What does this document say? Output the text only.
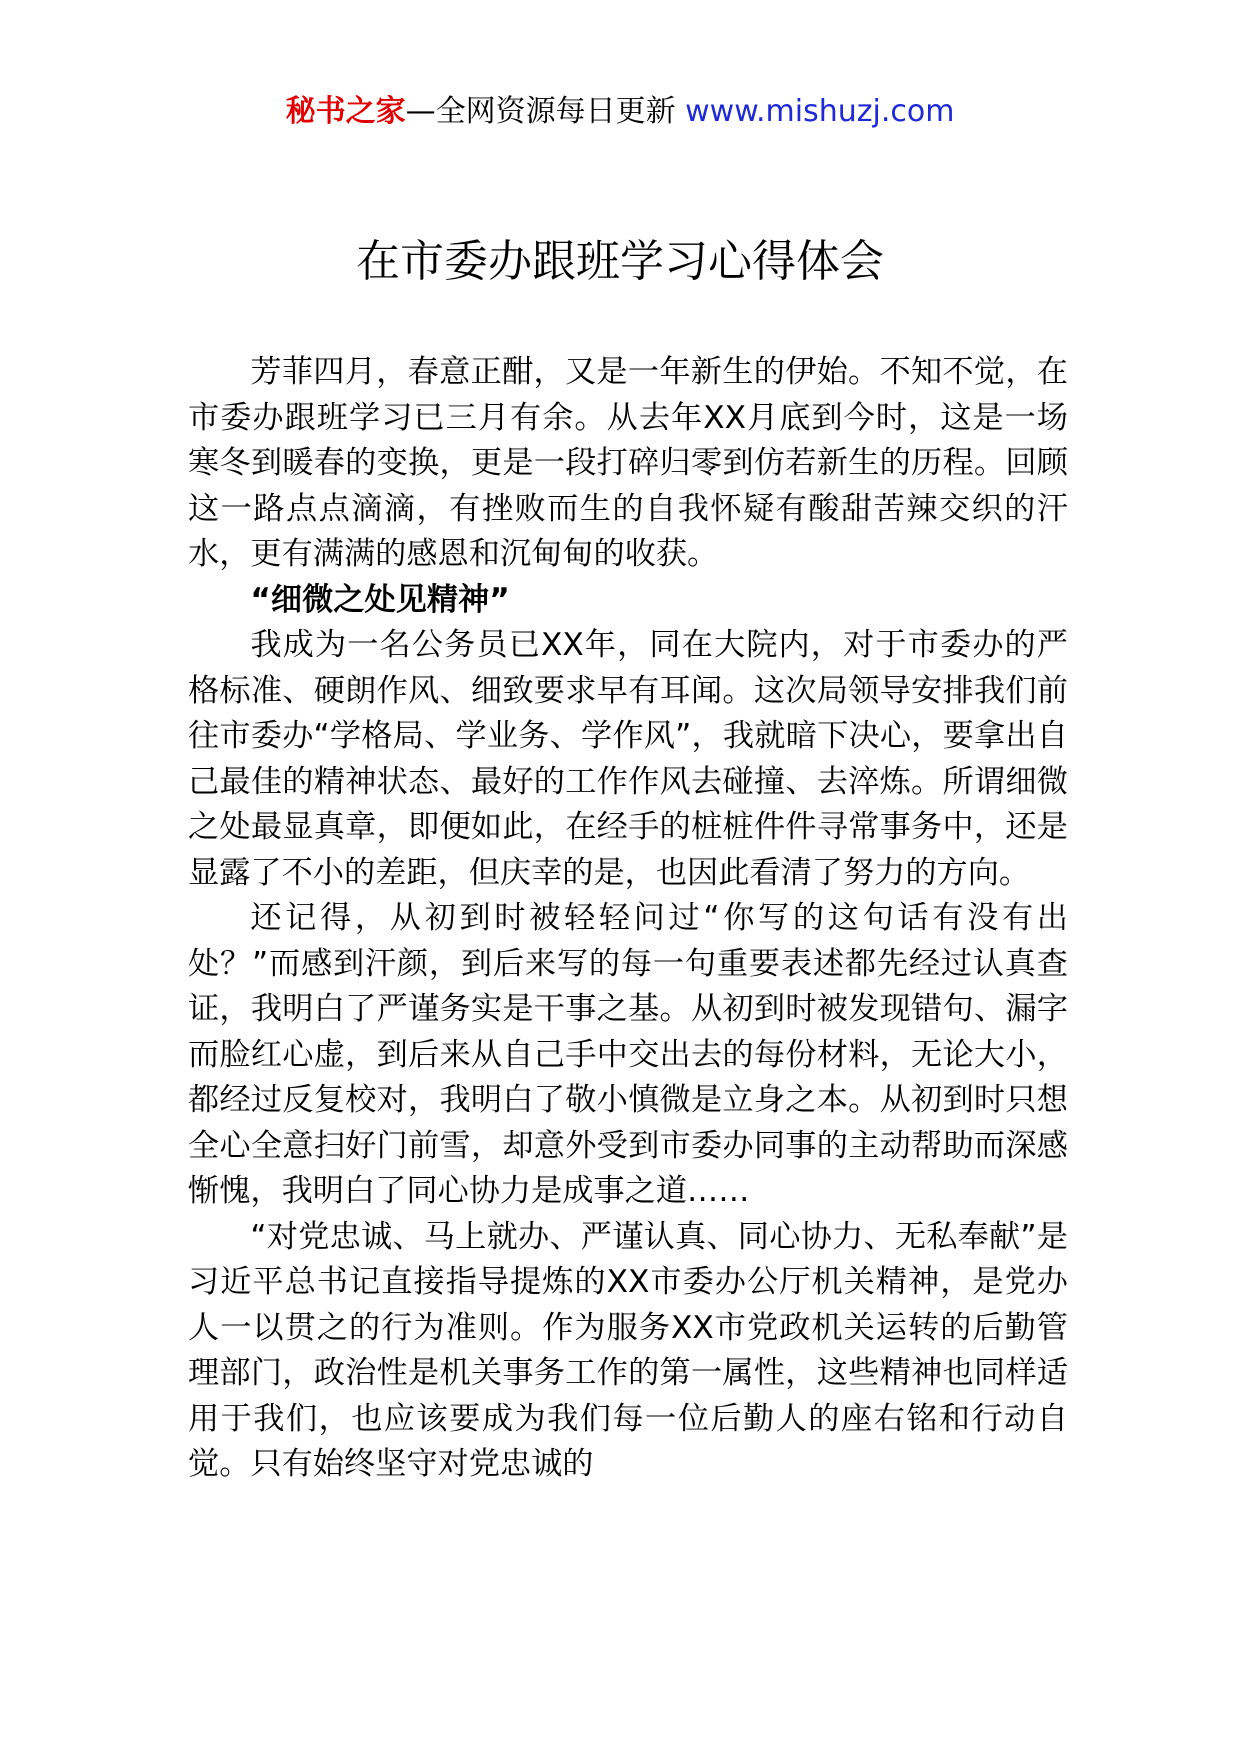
秘书之家—全网资源每日更新 www.mishuzj.com
在市委办跟班学习心得体会

芳菲四月，春意正酣，又是一年新生的伊始。不知不觉，在市委办跟班学习已三月有余。从去年XX月底到今时，这是一场寒冬到暖春的变换，更是一段打碎归零到仿若新生的历程。回顾这一路点点滴滴，有挫败而生的自我怀疑有酸甜苦辣交织的汗水，更有满满的感恩和沉甸甸的收获。

“细微之处见精神”

我成为一名公务员已XX年，同在大院内，对于市委办的严格标准、硬朗作风、细致要求早有耳闻。这次局领导安排我们前往市委办“学格局、学业务、学作风”，我就暗下决心，要拿出自己最佳的精神状态、最好的工作作风去碰撞、去淬炼。所谓细微之处最显真章，即便如此，在经手的桩桩件件寻常事务中，还是显露了不小的差距，但庆幸的是，也因此看清了努力的方向。

还记得，从初到时被轻轻问过“你写的这句话有没有出处？”而感到汗颜，到后来写的每一句重要表述都先经过认真查证，我明白了严谨务实是干事之基。从初到时被发现错句、漏字而脸红心虚，到后来从自己手中交出去的每份材料，无论大小，都经过反复校对，我明白了敬小慎微是立身之本。从初到时只想全心全意扫好门前雪，却意外受到市委办同事的主动帮助而深感惭愧，我明白了同心协力是成事之道……

“对党忠诚、马上就办、严谨认真、同心协力、无私奉献”是习近平总书记直接指导提炼的XX市委办公厅机关精神，是党办人一以贯之的行为准则。作为服务XX市党政机关运转的后勤管理部门，政治性是机关事务工作的第一属性，这些精神也同样适用于我们，也应该要成为我们每一位后勤人的座右铭和行动自觉。只有始终坚守对党忠诚的
